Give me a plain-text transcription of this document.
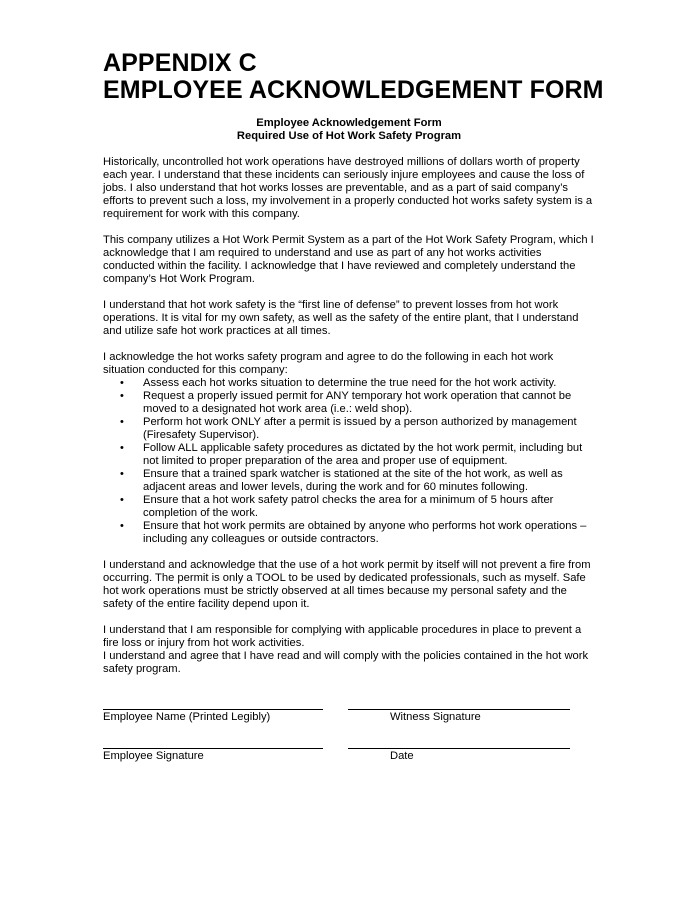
APPENDIX C
EMPLOYEE ACKNOWLEDGEMENT FORM
Employee Acknowledgement Form
Required Use of Hot Work Safety Program

Historically, uncontrolled hot work operations have destroyed millions of dollars worth of property each year. I understand that these incidents can seriously injure employees and cause the loss of jobs. I also understand that hot works losses are preventable, and as a part of said company’s efforts to prevent such a loss, my involvement in a properly conducted hot works safety system is a requirement for work with this company.

This company utilizes a Hot Work Permit System as a part of the Hot Work Safety Program, which I acknowledge that I am required to understand and use as part of any hot works activities conducted within the facility. I acknowledge that I have reviewed and completely understand the company’s Hot Work Program.

I understand that hot work safety is the “first line of defense” to prevent losses from hot work operations. It is vital for my own safety, as well as the safety of the entire plant, that I understand and utilize safe hot work practices at all times.

I acknowledge the hot works safety program and agree to do the following in each hot work situation conducted for this company:

• Assess each hot works situation to determine the true need for the hot work activity.
• Request a properly issued permit for ANY temporary hot work operation that cannot be moved to a designated hot work area (i.e.: weld shop).
• Perform hot work ONLY after a permit is issued by a person authorized by management (Firesafety Supervisor).
• Follow ALL applicable safety procedures as dictated by the hot work permit, including but not limited to proper preparation of the area and proper use of equipment.
• Ensure that a trained spark watcher is stationed at the site of the hot work, as well as adjacent areas and lower levels, during the work and for 60 minutes following.
• Ensure that a hot work safety patrol checks the area for a minimum of 5 hours after completion of the work.
• Ensure that hot work permits are obtained by anyone who performs hot work operations – including any colleagues or outside contractors.

I understand and acknowledge that the use of a hot work permit by itself will not prevent a fire from occurring. The permit is only a TOOL to be used by dedicated professionals, such as myself. Safe hot work operations must be strictly observed at all times because my personal safety and the safety of the entire facility depend upon it.

I understand that I am responsible for complying with applicable procedures in place to prevent a fire loss or injury from hot work activities.

I understand and agree that I have read and will comply with the policies contained in the hot work safety program.

Employee Name (Printed Legibly)	Witness Signature
Employee Signature	Date
